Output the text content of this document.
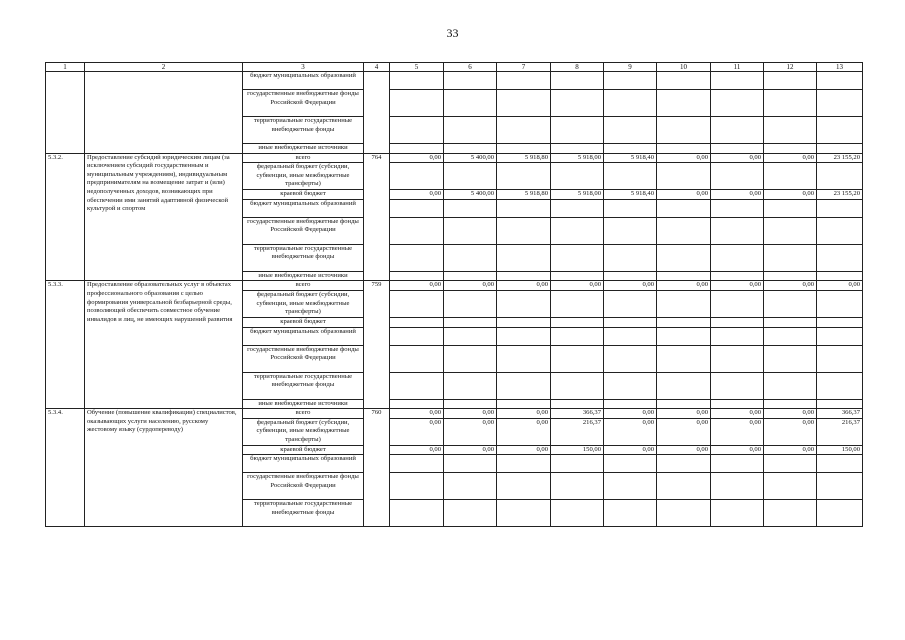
33
1	2	3	4	5	6	7	8	9	10	11	12	13
		бюджет муниципальных образований										
		государственные внебюджетные фонды Российской Федерации										
		территориальные государственные внебюджетные фонды										
		иные внебюджетные источники										
5.3.2.	Предоставление субсидий юридическим лицам (за исключением субсидий государственным и муниципальным учреждениям), индивидуальным предпринимателям на возмещение затрат и (или) недополученных доходов, возникающих при обеспечении ими занятий адаптивной физической культурой и спортом	всего	764	0,00	5 400,00	5 918,80	5 918,00	5 918,40	0,00	0,00	0,00	23 155,20
		федеральный бюджет (субсидии, субвенции, иные межбюджетные трансферты)										
		краевой бюджет		0,00	5 400,00	5 918,80	5 918,00	5 918,40	0,00	0,00	0,00	23 155,20
		бюджет муниципальных образований										
		государственные внебюджетные фонды Российской Федерации										
		территориальные государственные внебюджетные фонды										
		иные внебюджетные источники										
5.3.3.	Предоставление образовательных услуг в объектах профессионального образования с целью формирования универсальной безбарьерной среды, позволяющей обеспечить совместное обучение инвалидов и лиц, не имеющих нарушений развития	всего	759	0,00	0,00	0,00	0,00	0,00	0,00	0,00	0,00	0,00
		федеральный бюджет (субсидии, субвенции, иные межбюджетные трансферты)										
		краевой бюджет										
		бюджет муниципальных образований										
		государственные внебюджетные фонды Российской Федерации										
		территориальные государственные внебюджетные фонды										
		иные внебюджетные источники										
5.3.4.	Обучение (повышение квалификации) специалистов, оказывающих услуги населению, русскому жестовому языку (сурдопереводу)	всего	760	0,00	0,00	0,00	366,37	0,00	0,00	0,00	0,00	366,37
		федеральный бюджет (субсидии, субвенции, иные межбюджетные трансферты)		0,00	0,00	0,00	216,37	0,00	0,00	0,00	0,00	216,37
		краевой бюджет		0,00	0,00	0,00	150,00	0,00	0,00	0,00	0,00	150,00
		бюджет муниципальных образований										
		государственные внебюджетные фонды Российской Федерации										
		территориальные государственные внебюджетные фонды										
